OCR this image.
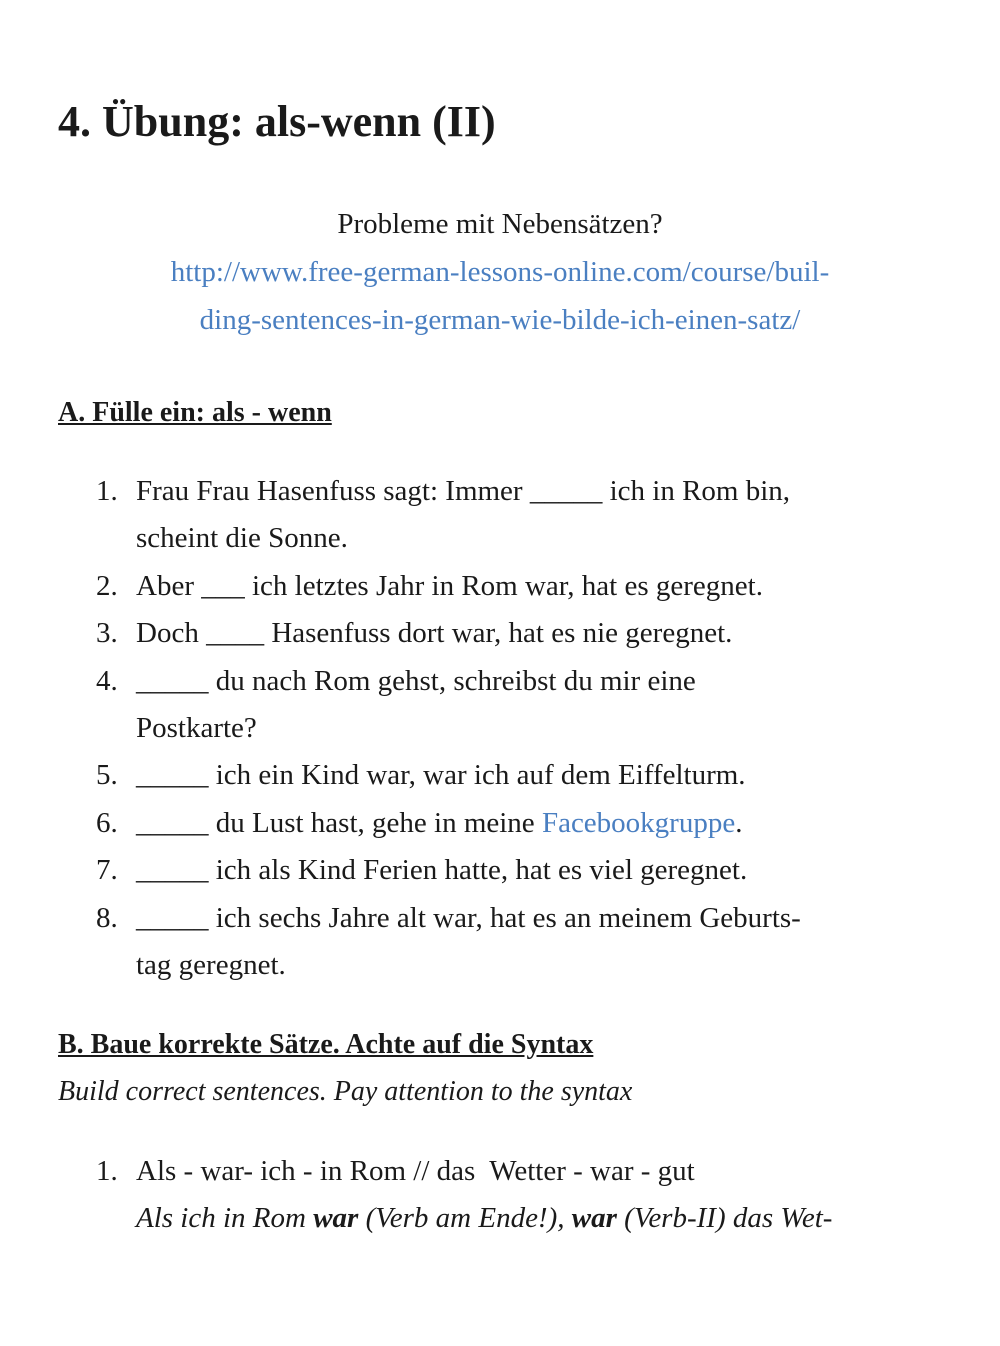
4. Übung: als-wenn (II)
Probleme mit Nebensätzen?
http://www.free-german-lessons-online.com/course/buil-
ding-sentences-in-german-wie-bilde-ich-einen-satz/
A. Fülle ein: als - wenn
1. Frau Frau Hasenfuss sagt: Immer _____ ich in Rom bin,
scheint die Sonne.
2. Aber ___ ich letztes Jahr in Rom war, hat es geregnet.
3. Doch ____ Hasenfuss dort war, hat es nie geregnet.
4. _____ du nach Rom gehst, schreibst du mir eine
Postkarte?
5. _____ ich ein Kind war, war ich auf dem Eiffelturm.
6. _____ du Lust hast, gehe in meine Facebookgruppe.
7. _____ ich als Kind Ferien hatte, hat es viel geregnet.
8. _____ ich sechs Jahre alt war, hat es an meinem Geburts-
tag geregnet.
B. Baue korrekte Sätze. Achte auf die Syntax
Build correct sentences. Pay attention to the syntax
1. Als - war- ich - in Rom // das  Wetter - war - gut
Als ich in Rom war (Verb am Ende!), war (Verb-II) das Wet-
